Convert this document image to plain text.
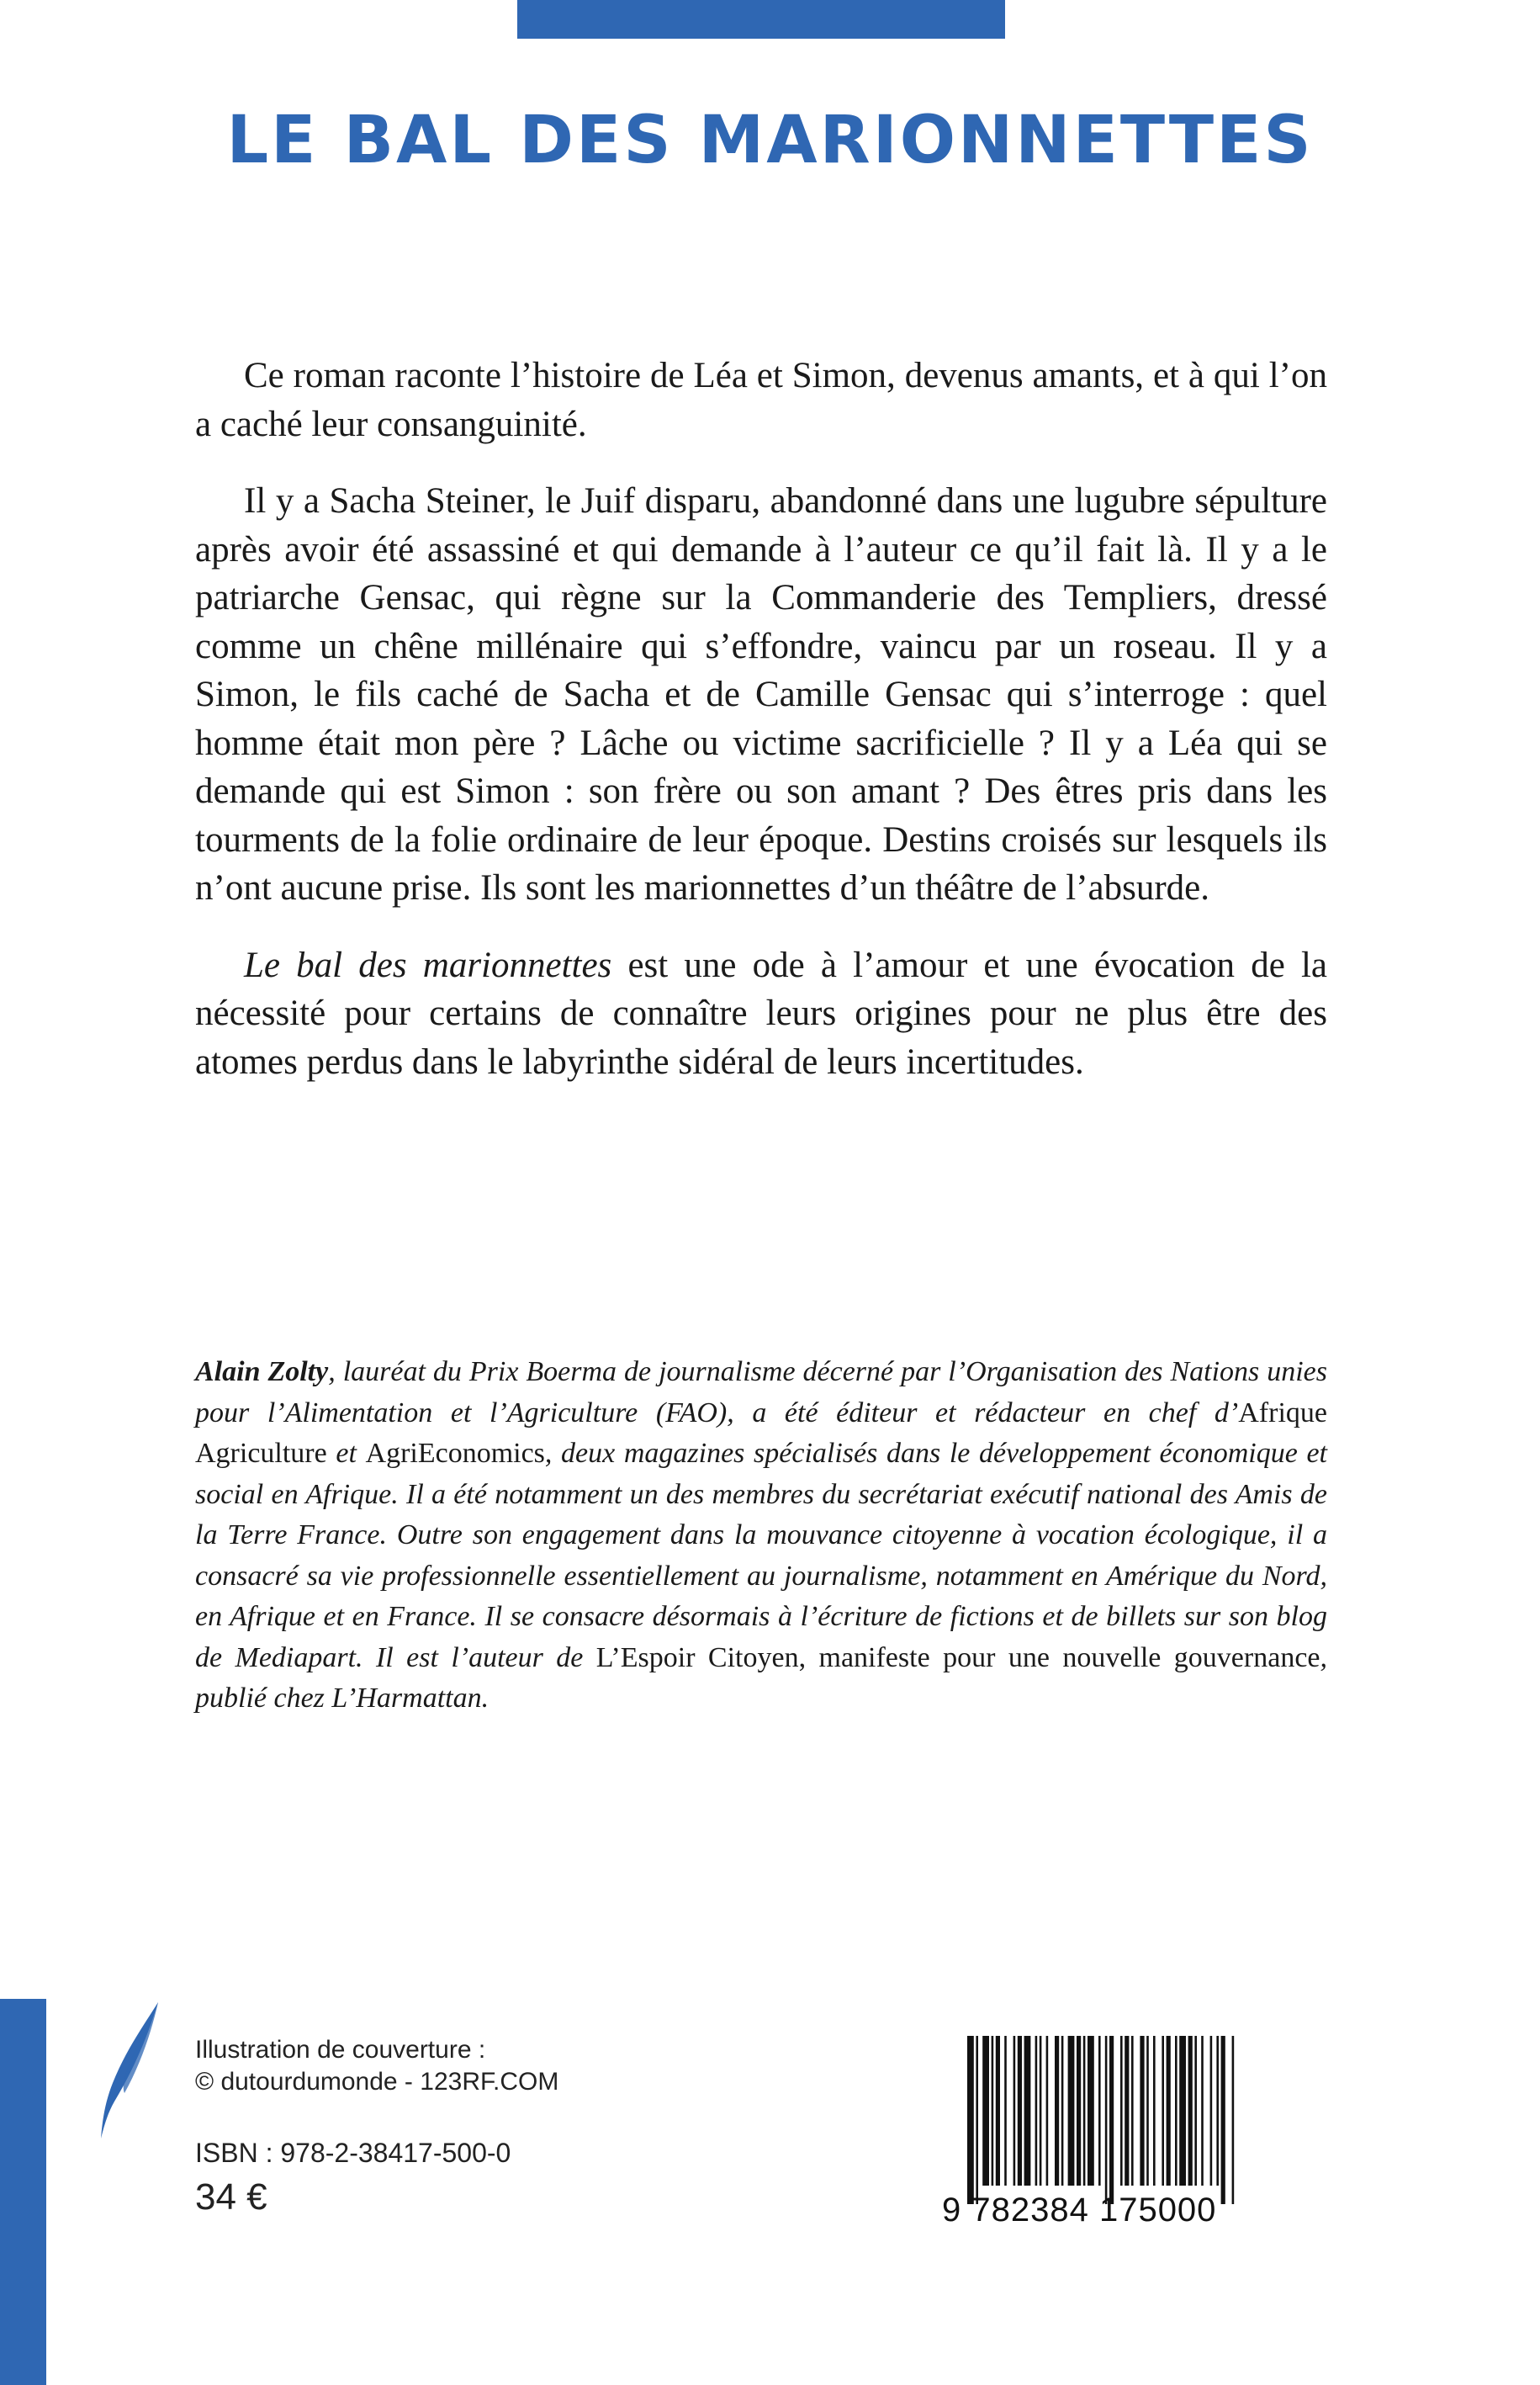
LE BAL DES MARIONNETTES

Ce roman raconte l’histoire de Léa et Simon, devenus amants, et à qui l’on a caché leur consanguinité.

Il y a Sacha Steiner, le Juif disparu, abandonné dans une lugubre sépulture après avoir été assassiné et qui demande à l’auteur ce qu’il fait là. Il y a le patriarche Gensac, qui règne sur la Commanderie des Templiers, dressé comme un chêne millénaire qui s’effondre, vaincu par un roseau. Il y a Simon, le fils caché de Sacha et de Camille Gensac qui s’interroge : quel homme était mon père ? Lâche ou victime sacrificielle ? Il y a Léa qui se demande qui est Simon : son frère ou son amant ? Des êtres pris dans les tourments de la folie ordinaire de leur époque. Destins croisés sur lesquels ils n’ont aucune prise. Ils sont les marionnettes d’un théâtre de l’absurde.

Le bal des marionnettes est une ode à l’amour et une évocation de la nécessité pour certains de connaître leurs origines pour ne plus être des atomes perdus dans le labyrinthe sidéral de leurs incertitudes.

Alain Zolty, lauréat du Prix Boerma de journalisme décerné par l’Organisation des Nations unies pour l’Alimentation et l’Agriculture (FAO), a été éditeur et rédacteur en chef d’Afrique Agriculture et AgriEconomics, deux magazines spécialisés dans le développement économique et social en Afrique. Il a été notamment un des membres du secrétariat exécutif national des Amis de la Terre France. Outre son engagement dans la mouvance citoyenne à vocation écologique, il a consacré sa vie professionnelle essentiellement au journalisme, notamment en Amérique du Nord, en Afrique et en France. Il se consacre désormais à l’écriture de fictions et de billets sur son blog de Mediapart. Il est l’auteur de L’Espoir Citoyen, manifeste pour une nouvelle gouvernance, publié chez L’Harmattan.

Illustration de couverture :
© dutourdumonde - 123RF.COM
ISBN : 978-2-38417-500-0
34 €	9 782384 175000
